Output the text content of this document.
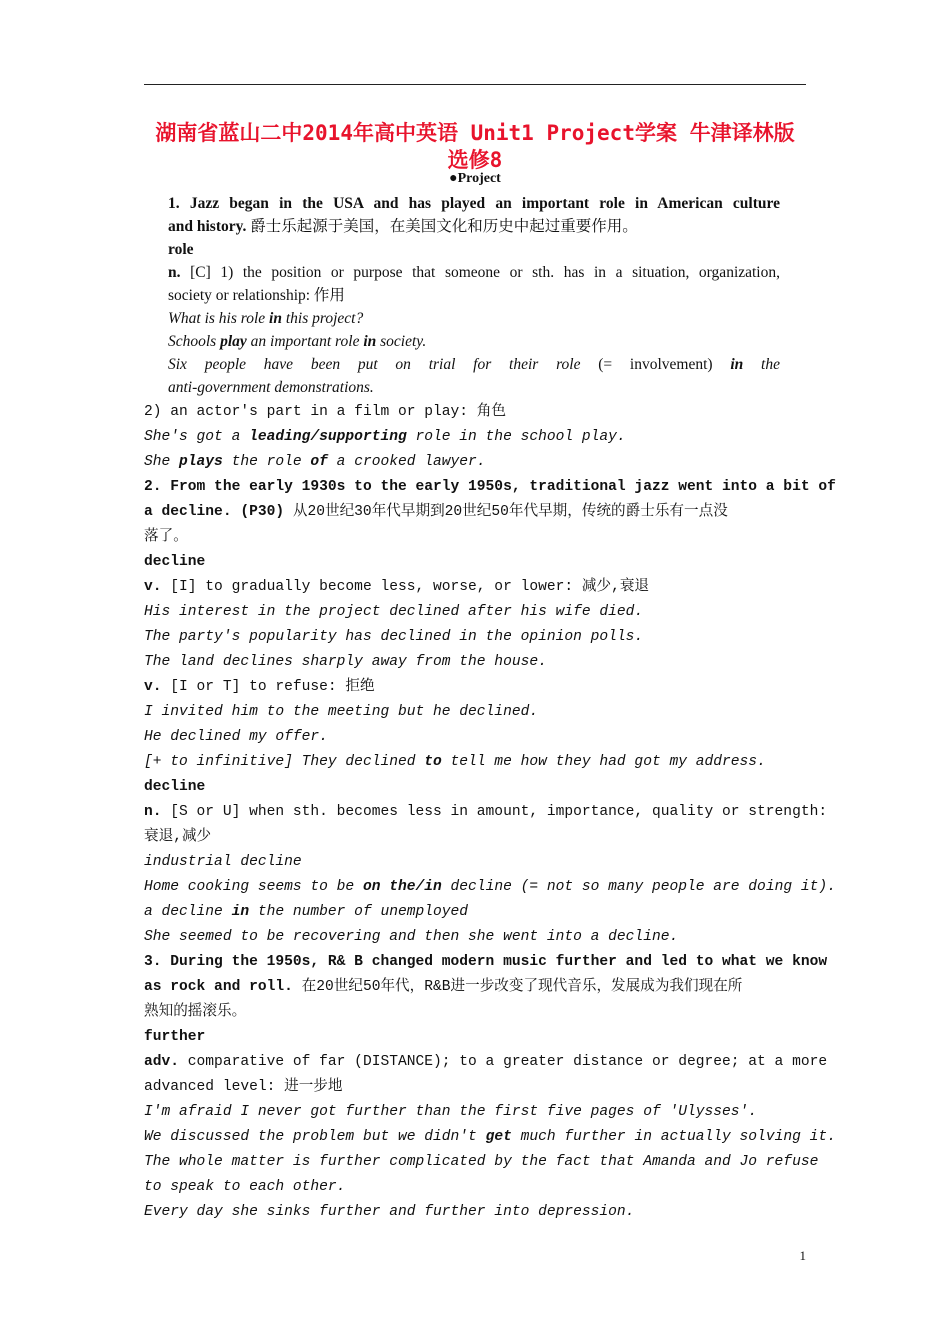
湖南省蓝山二中2014年高中英语 Unit1 Project学案 牛津译林版
选修8
●Project
1. Jazz began in the USA and has played an important role in American culture
and history. 爵士乐起源于美国，在美国文化和历史中起过重要作用。
role
n. [C] 1) the position or purpose that someone or sth. has in a situation, organization,
society or relationship: 作用
What is his role in this project?
Schools play an important role in society.
Six people have been put on trial for their role (= involvement) in the
anti-government demonstrations.
2) an actor's part in a film or play: 角色
She's got a leading/supporting role in the school play.
She plays the role of a crooked lawyer.
2. From the early 1930s to the early 1950s, traditional jazz went into a bit of
a decline. (P30) 从20世纪30年代早期到20世纪50年代早期，传统的爵士乐有一点没
落了。
decline
v. [I] to gradually become less, worse, or lower: 减少,衰退
His interest in the project declined after his wife died.
The party's popularity has declined in the opinion polls.
The land declines sharply away from the house.
v. [I or T] to refuse: 拒绝
I invited him to the meeting but he declined.
He declined my offer.
[+ to infinitive] They declined to tell me how they had got my address.
decline
n. [S or U] when sth. becomes less in amount, importance, quality or strength:
衰退,减少
industrial decline
Home cooking seems to be on the/in decline (= not so many people are doing it).
a decline in the number of unemployed
She seemed to be recovering and then she went into a decline.
3. During the 1950s, R& B changed modern music further and led to what we know
as rock and roll. 在20世纪50年代，R&B进一步改变了现代音乐，发展成为我们现在所
熟知的摇滚乐。
further
adv. comparative of far (DISTANCE); to a greater distance or degree; at a more
advanced level: 进一步地
I'm afraid I never got further than the first five pages of 'Ulysses'.
We discussed the problem but we didn't get much further in actually solving it.
The whole matter is further complicated by the fact that Amanda and Jo refuse
to speak to each other.
Every day she sinks further and further into depression.
1
